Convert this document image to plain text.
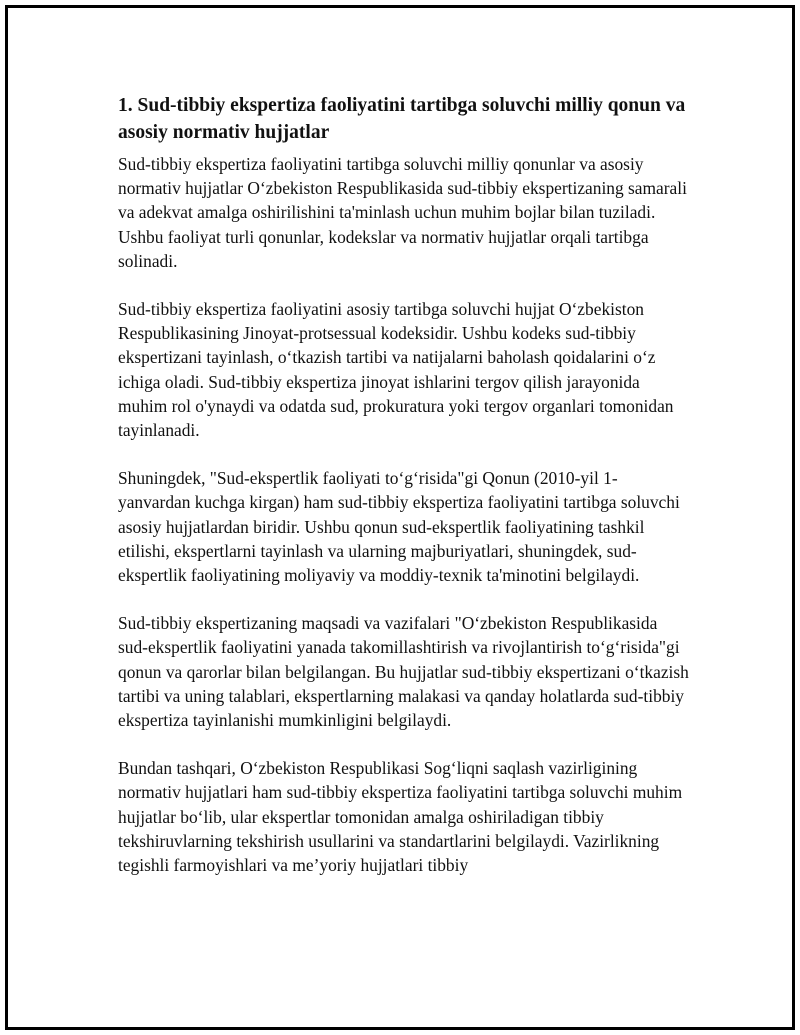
1. Sud-tibbiy ekspertiza faoliyatini tartibga soluvchi milliy qonun va asosiy normativ hujjatlar

Sud-tibbiy ekspertiza faoliyatini tartibga soluvchi milliy qonunlar va asosiy normativ hujjatlar O‘zbekiston Respublikasida sud-tibbiy ekspertizaning samarali va adekvat amalga oshirilishini ta'minlash uchun muhim bojlar bilan tuziladi. Ushbu faoliyat turli qonunlar, kodekslar va normativ hujjatlar orqali tartibga solinadi.

Sud-tibbiy ekspertiza faoliyatini asosiy tartibga soluvchi hujjat O‘zbekiston Respublikasining Jinoyat-protsessual kodeksidir. Ushbu kodeks sud-tibbiy ekspertizani tayinlash, o‘tkazish tartibi va natijalarni baholash qoidalarini o‘z ichiga oladi. Sud-tibbiy ekspertiza jinoyat ishlarini tergov qilish jarayonida muhim rol o'ynaydi va odatda sud, prokuratura yoki tergov organlari tomonidan tayinlanadi.

Shuningdek, "Sud-ekspertlik faoliyati to‘g‘risida"gi Qonun (2010-yil 1-yanvardan kuchga kirgan) ham sud-tibbiy ekspertiza faoliyatini tartibga soluvchi asosiy hujjatlardan biridir. Ushbu qonun sud-ekspertlik faoliyatining tashkil etilishi, ekspertlarni tayinlash va ularning majburiyatlari, shuningdek, sud-ekspertlik faoliyatining moliyaviy va moddiy-texnik ta'minotini belgilaydi.

Sud-tibbiy ekspertizaning maqsadi va vazifalari "O‘zbekiston Respublikasida sud-ekspertlik faoliyatini yanada takomillashtirish va rivojlantirish to‘g‘risida"gi qonun va qarorlar bilan belgilangan. Bu hujjatlar sud-tibbiy ekspertizani o‘tkazish tartibi va uning talablari, ekspertlarning malakasi va qanday holatlarda sud-tibbiy ekspertiza tayinlanishi mumkinligini belgilaydi.

Bundan tashqari, O‘zbekiston Respublikasi Sog‘liqni saqlash vazirligining normativ hujjatlari ham sud-tibbiy ekspertiza faoliyatini tartibga soluvchi muhim hujjatlar bo‘lib, ular ekspertlar tomonidan amalga oshiriladigan tibbiy tekshiruvlarning tekshirish usullarini va standartlarini belgilaydi. Vazirlikning tegishli farmoyishlari va me’yoriy hujjatlari tibbiy
